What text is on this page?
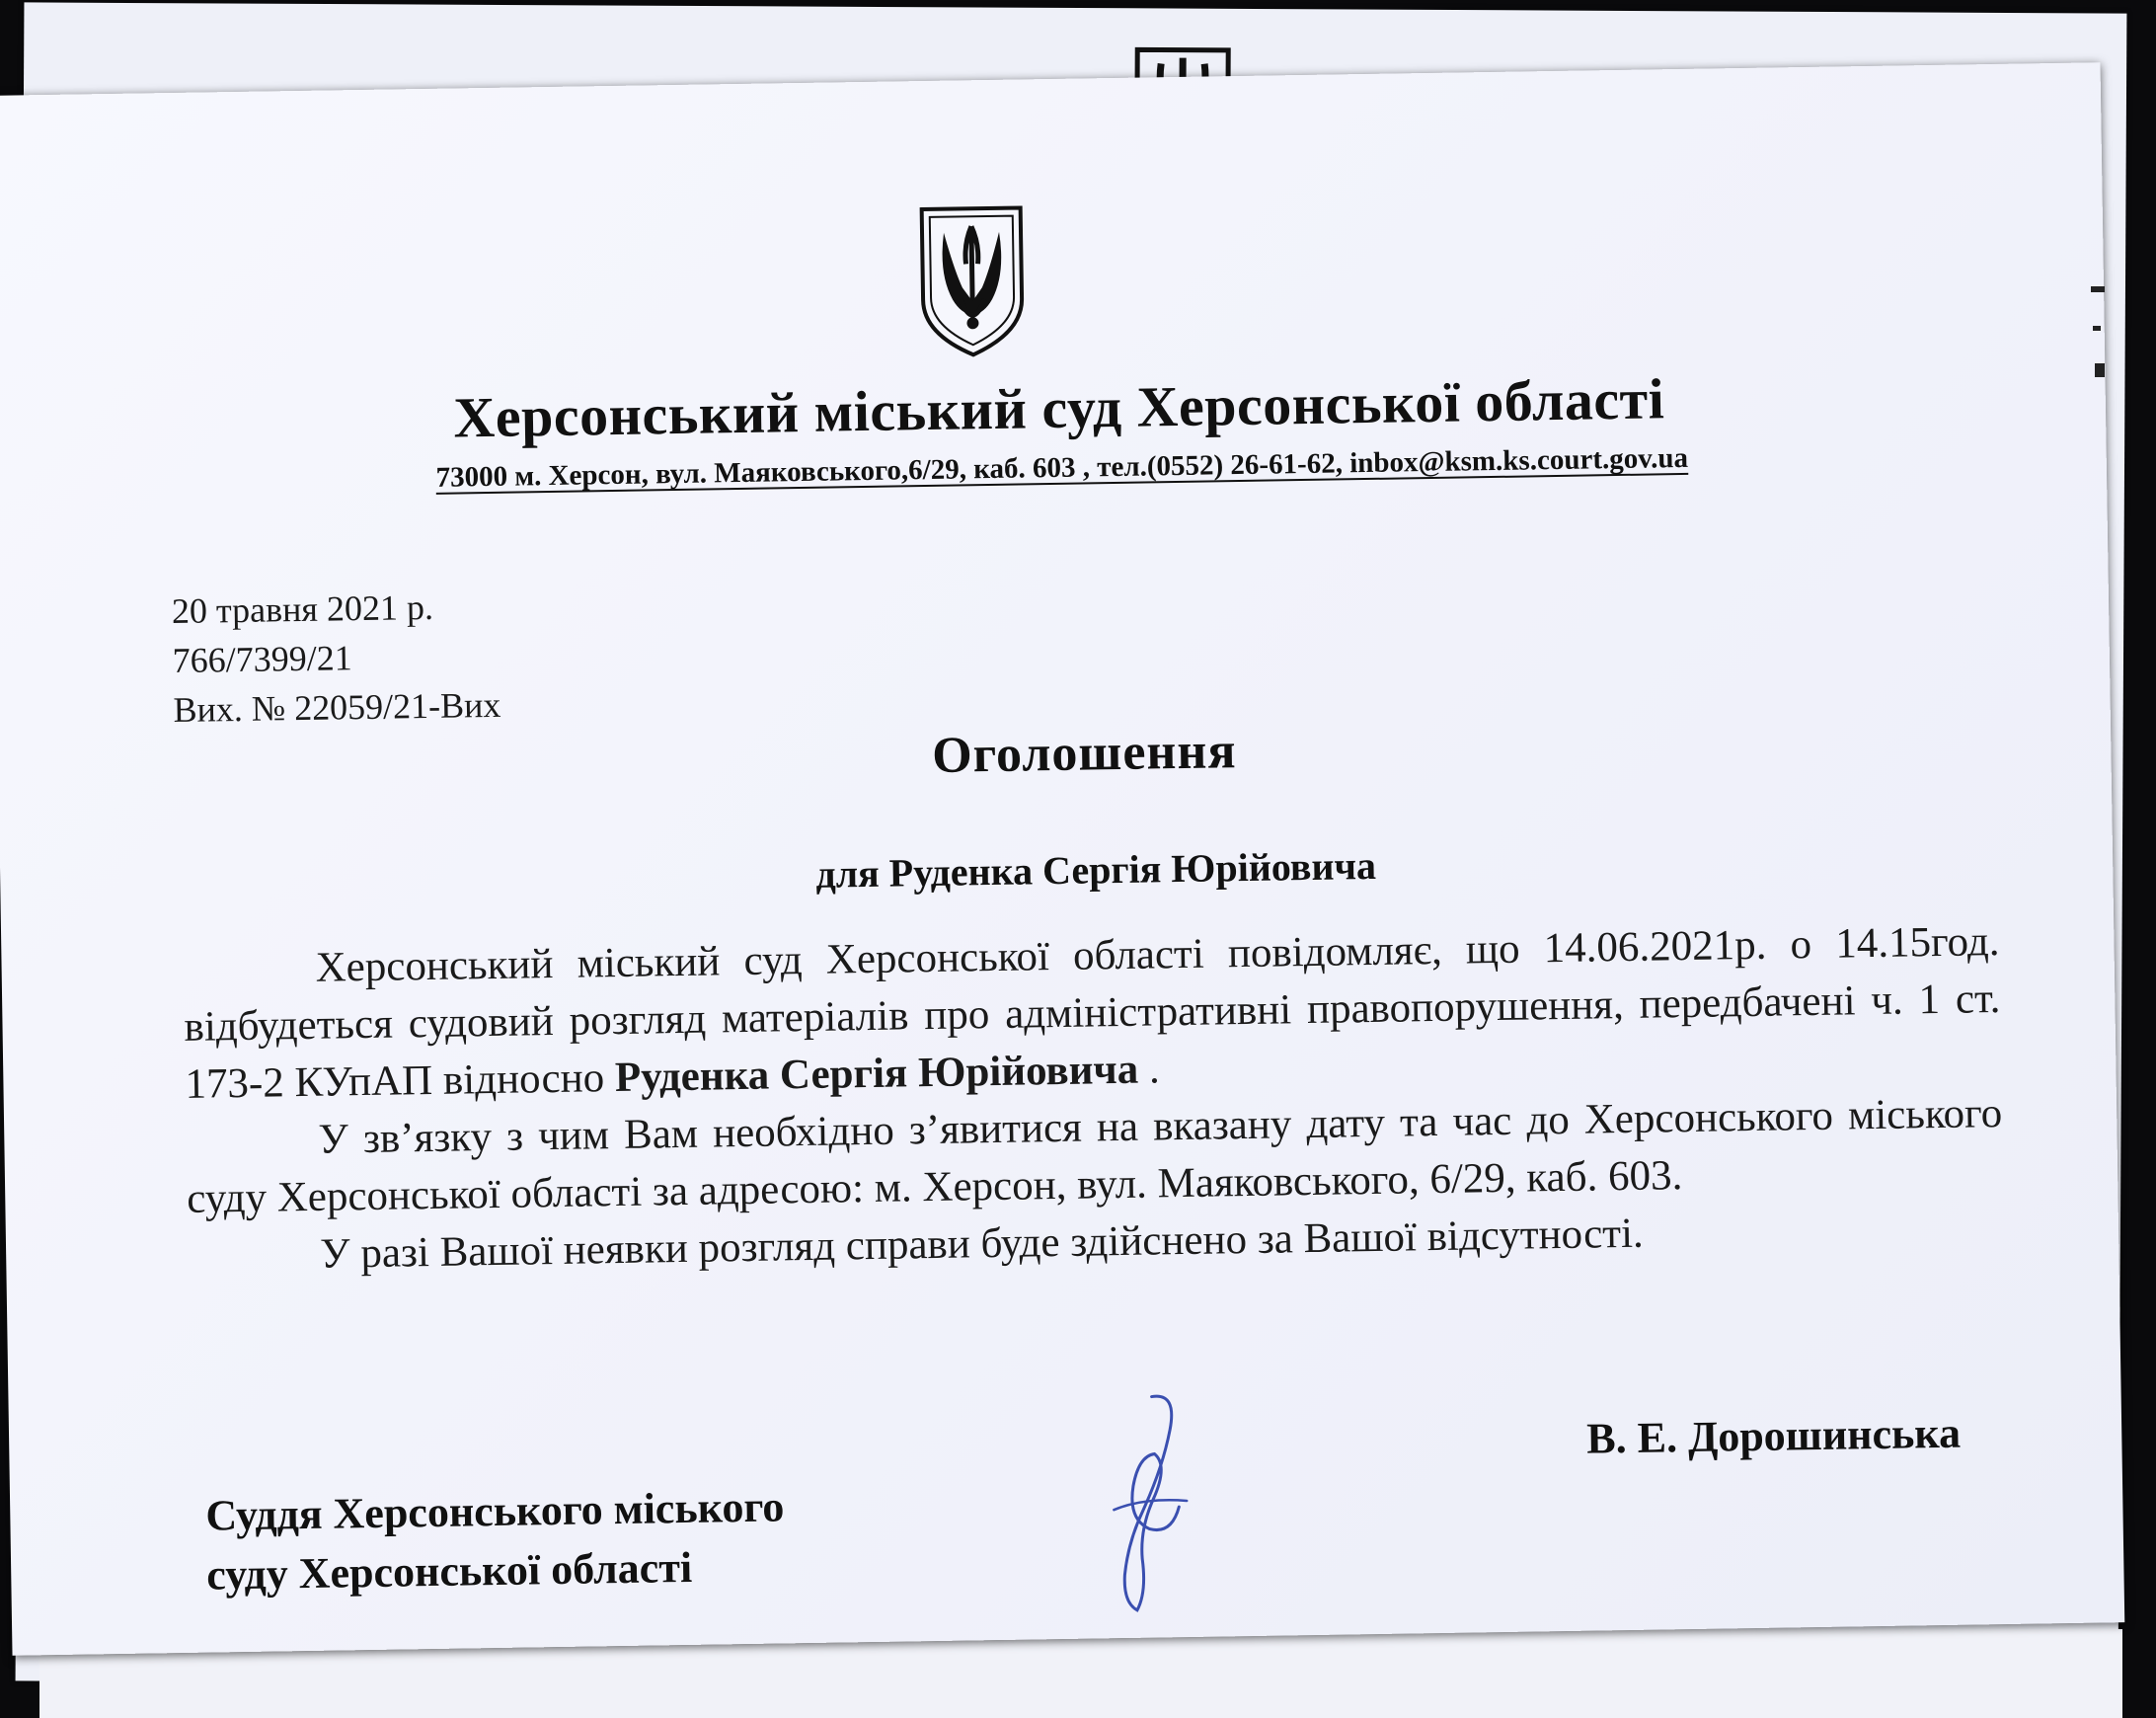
Херсонський міський суд Херсонської області
73000 м. Херсон, вул. Маяковського,6/29, каб. 603 , тел.(0552) 26-61-62, inbox@ksm.ks.court.gov.ua
20 травня 2021 р.
766/7399/21
Вих. № 22059/21-Вих
Оголошення
для Руденка Сергія Юрійовича

Херсонський міський суд Херсонської області повідомляє, що 14.06.2021р. о 14.15год. відбудеться судовий розгляд матеріалів про адміністративні правопорушення, передбачені ч. 1 ст. 173-2 КУпАП відносно Руденка Сергія Юрійовича .

У зв’язку з чим Вам необхідно з’явитися на вказану дату та час до Херсонського міського суду Херсонської області за адресою: м. Херсон, вул. Маяковського, 6/29, каб. 603.

У разі Вашої неявки розгляд справи буде здійснено за Вашої відсутності.

Суддя Херсонського міського
суду Херсонської області
В. Е. Дорошинська
